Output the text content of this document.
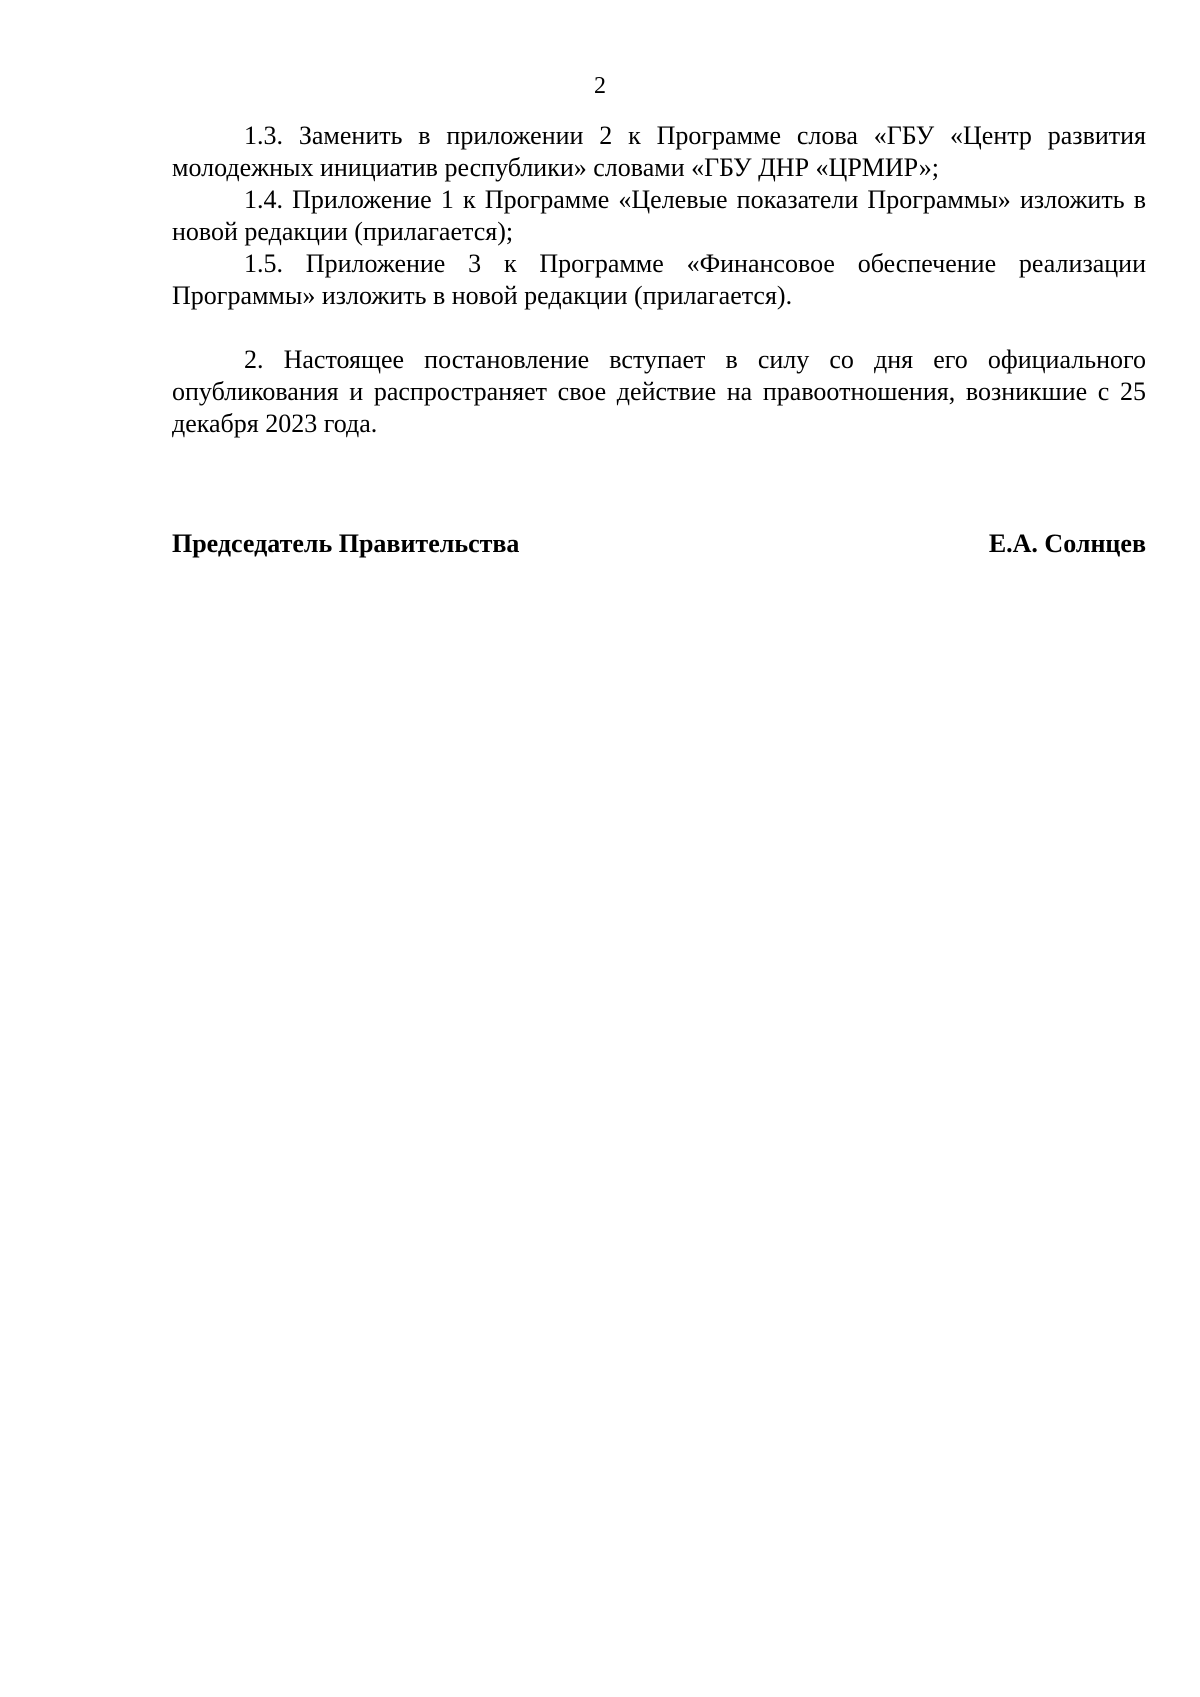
2

1.3. Заменить в приложении 2 к Программе слова «ГБУ «Центр развития молодежных инициатив республики» словами «ГБУ ДНР «ЦРМИР»;

1.4. Приложение 1 к Программе «Целевые показатели Программы» изложить в новой редакции (прилагается);

1.5. Приложение 3 к Программе «Финансовое обеспечение реализации Программы» изложить в новой редакции (прилагается).

2. Настоящее постановление вступает в силу со дня его официального опубликования и распространяет свое действие на правоотношения, возникшие с 25 декабря 2023 года.

Председатель Правительства	Е.А. Солнцев
